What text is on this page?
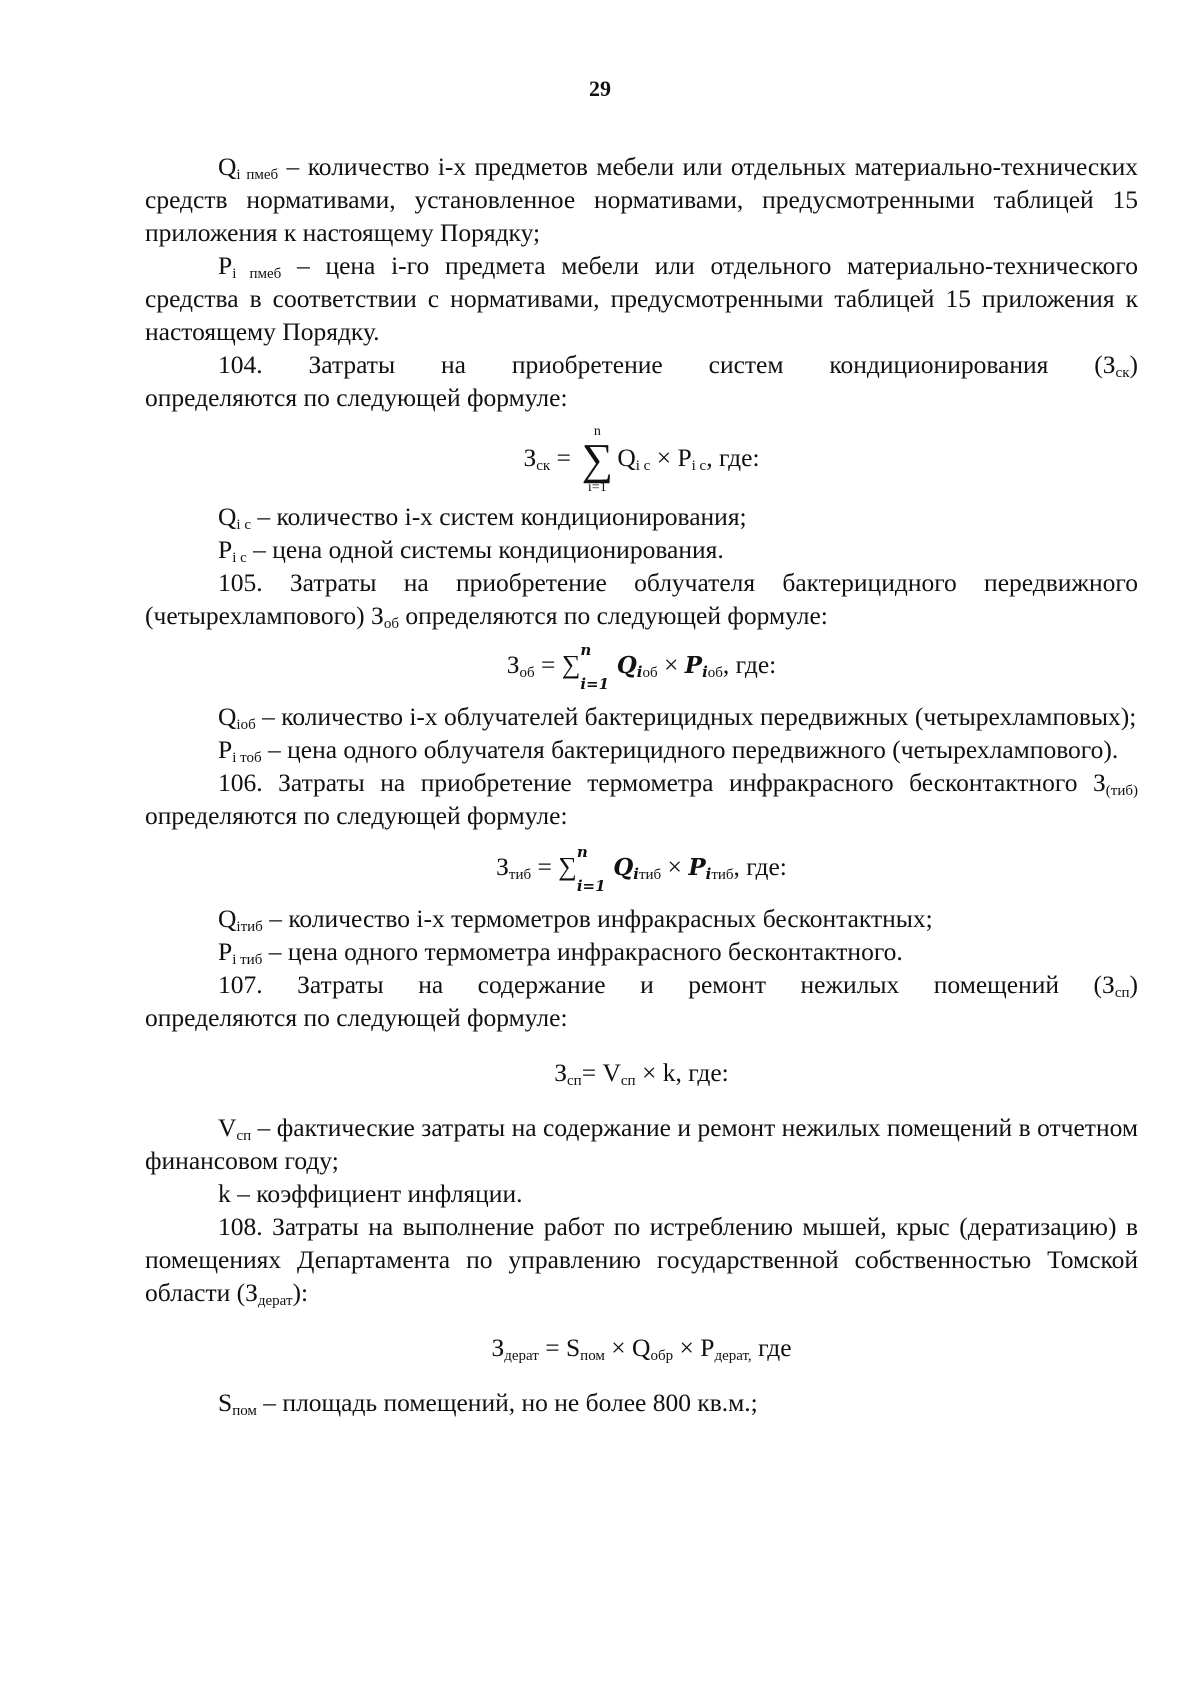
29

$Q_{i пмеб}$ – количество i-х предметов мебели или отдельных материально-технических средств нормативами, установленное нормативами, предусмотренными таблицей 15 приложения к настоящему Порядку;

$P_{i пмеб}$ – цена i-го предмета мебели или отдельного материально-технического средства в соответствии с нормативами, предусмотренными таблицей 15 приложения к настоящему Порядку.

104. Затраты на приобретение систем кондиционирования $(З_{ск})$

определяются по следующей формуле:

$З_{ск}$ =
n
∑
i=1
$Q_{i с} \times P_{i с}$, где:

$Q_{i с}$ – количество i-х систем кондиционирования;

$P_{i с}$ – цена одной системы кондиционирования.

105. Затраты на приобретение облучателя бактерицидного передвижного (четырехлампового) $З_{об}$ определяются по следующей формуле:

$З_{об}$ = ∑ n
i=1
$Q_{iоб} \times P_{iоб}$, где:

$Q_{iоб}$ – количество i-х облучателей бактерицидных передвижных (четырехламповых);

$P_{i тоб}$ – цена одного облучателя бактерицидного передвижного (четырехлампового).

106. Затраты на приобретение термометра инфракрасного бесконтактного $З_{(тиб)}$ определяются по следующей формуле:

$З_{тиб}$ = ∑ n
i=1
$Q_{iтиб} \times P_{iтиб}$, где:

$Q_{iтиб}$ – количество i-х термометров инфракрасных бесконтактных;

$P_{i тиб}$ – цена одного термометра инфракрасного бесконтактного.

107. Затраты на содержание и ремонт нежилых помещений $(З_{сп})$

определяются по следующей формуле:

$З_{сп}= V_{сп} \times k$, где:

$V_{сп}$ – фактические затраты на содержание и ремонт нежилых помещений в отчетном финансовом году;

k – коэффициент инфляции.

108. Затраты на выполнение работ по истреблению мышей, крыс (дератизацию) в помещениях Департамента по управлению государственной собственностью Томской области $(З_{дерат})$:

$З_{дерат} = S_{пом} \times Q_{обр} \times P_{дерат,}$ где

$S_{пом}$ – площадь помещений, но не более 800 кв.м.;
